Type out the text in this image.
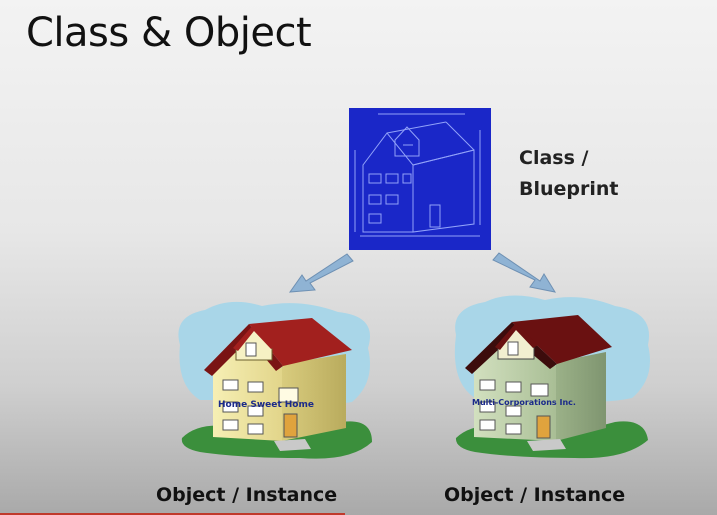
Class & Object
Home Sweet Home	Multi-Corporations Inc.
Class /
Blueprint
Object / Instance	Object / Instance
